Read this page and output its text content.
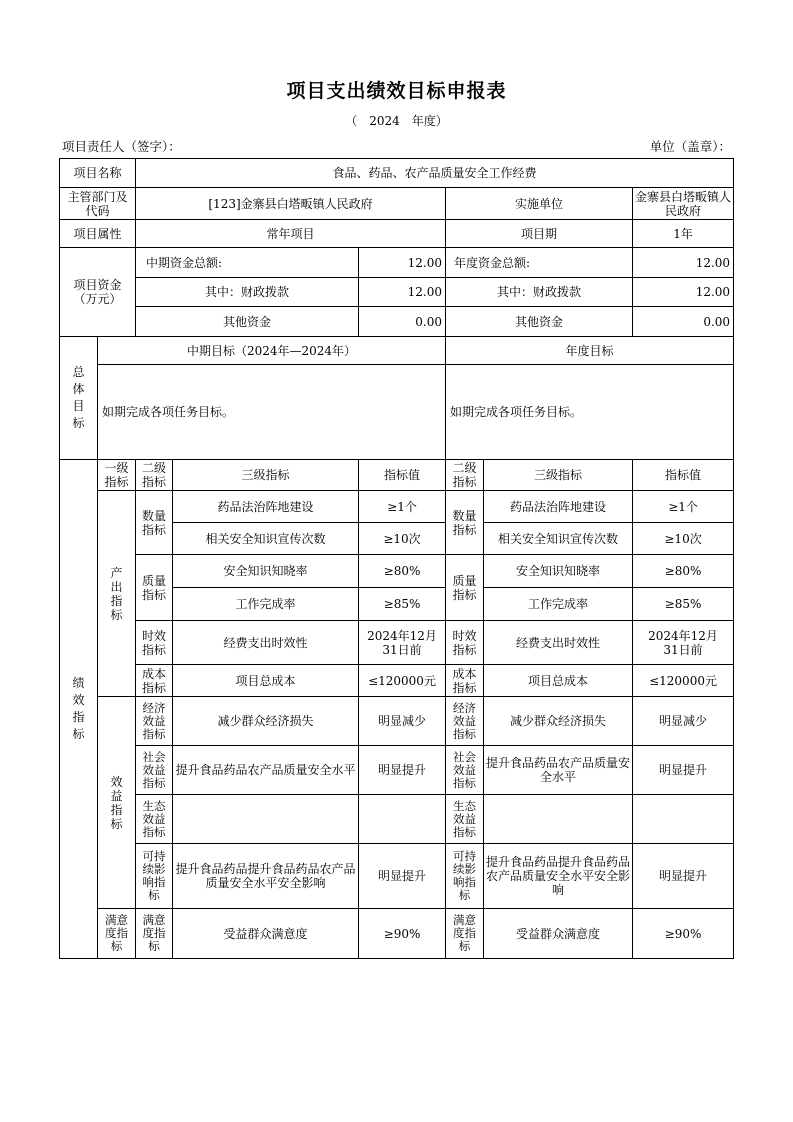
项目支出绩效目标申报表
（　2024　年度）
项目责任人（签字）：	单位（盖章）：
项目名称		食品、药品、农产品质量安全工作经费					
主管部门及代码		[123]金寨县白塔畈镇人民政府			实施单位		金寨县白塔畈镇人民政府
项目属性		常年项目			项目期		1年
项目资金（万元）		中期资金总额:		12.00	年度资金总额:		12.00
		其中：财政拨款		12.00	其中：财政拨款		12.00
		其他资金		0.00	其他资金		0.00
总体目标	中期目标（2024年—2024年）				年度目标		
	如期完成各项任务目标。				如期完成各项任务目标。		
绩效指标	一级指标	二级指标	三级指标	指标值	二级指标	三级指标	指标值
	产出指标	数量指标	药品法治阵地建设	≥1个	数量指标	药品法治阵地建设	≥1个
			相关安全知识宣传次数	≥10次		相关安全知识宣传次数	≥10次
		质量指标	安全知识知晓率	≥80%	质量指标	安全知识知晓率	≥80%
			工作完成率	≥85%		工作完成率	≥85%
		时效指标	经费支出时效性	2024年12月31日前	时效指标	经费支出时效性	2024年12月31日前
		成本指标	项目总成本	≤120000元	成本指标	项目总成本	≤120000元
	效益指标	经济效益指标	减少群众经济损失	明显减少	经济效益指标	减少群众经济损失	明显减少
		社会效益指标	提升食品药品农产品质量安全水平	明显提升	社会效益指标	提升食品药品农产品质量安全水平	明显提升
		生态效益指标			生态效益指标		
		可持续影响指标	提升食品药品提升食品药品农产品质量安全水平安全影响	明显提升	可持续影响指标	提升食品药品提升食品药品农产品质量安全水平安全影响	明显提升
	满意度指标	满意度指标	受益群众满意度	≥90%	满意度指标	受益群众满意度	≥90%
